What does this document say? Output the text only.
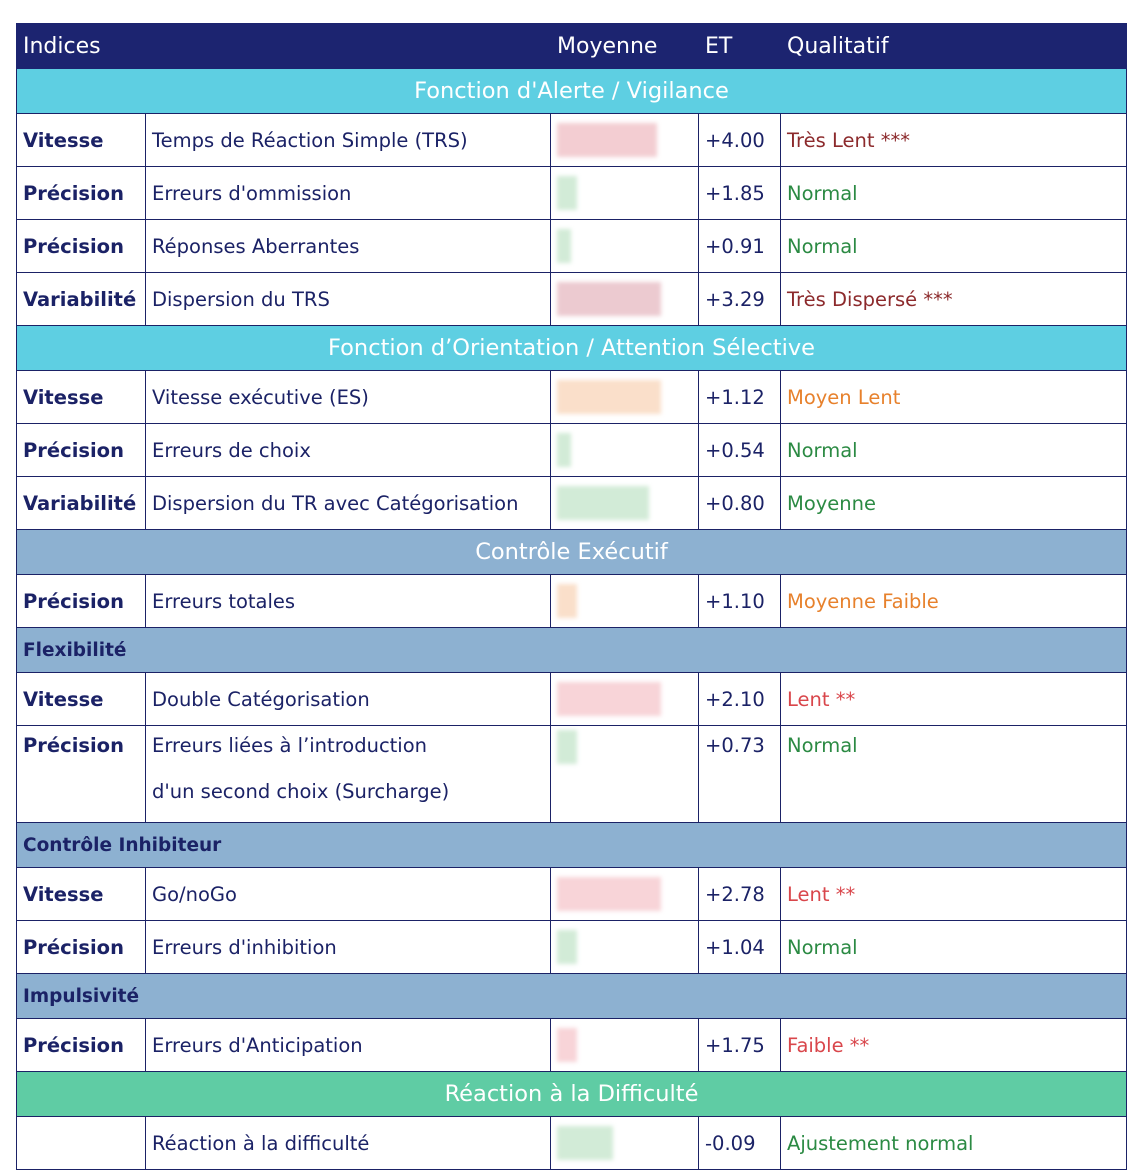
Indices		Moyenne	ET	Qualitatif
Fonction d'Alerte / Vigilance				
Vitesse	Temps de Réaction Simple (TRS)		+4.00	Très Lent ***
Précision	Erreurs d'ommission		+1.85	Normal
Précision	Réponses Aberrantes		+0.91	Normal
Variabilité	Dispersion du TRS		+3.29	Très Dispersé ***
Fonction d’Orientation / Attention Sélective				
Vitesse	Vitesse exécutive (ES)		+1.12	Moyen Lent
Précision	Erreurs de choix		+0.54	Normal
Variabilité	Dispersion du TR avec Catégorisation		+0.80	Moyenne
Contrôle Exécutif				
Précision	Erreurs totales		+1.10	Moyenne Faible
Flexibilité				
Vitesse	Double Catégorisation		+2.10	Lent **

Précision	Erreurs liées à l’introduction
d'un second choix (Surcharge)		+0.73	Normal

Contrôle Inhibiteur				
Vitesse	Go/noGo		+2.78	Lent **
Précision	Erreurs d'inhibition		+1.04	Normal
Impulsivité				
Précision	Erreurs d'Anticipation		+1.75	Faible **
Réaction à la Difficulté				
	Réaction à la difficulté		-0.09	Ajustement normal
